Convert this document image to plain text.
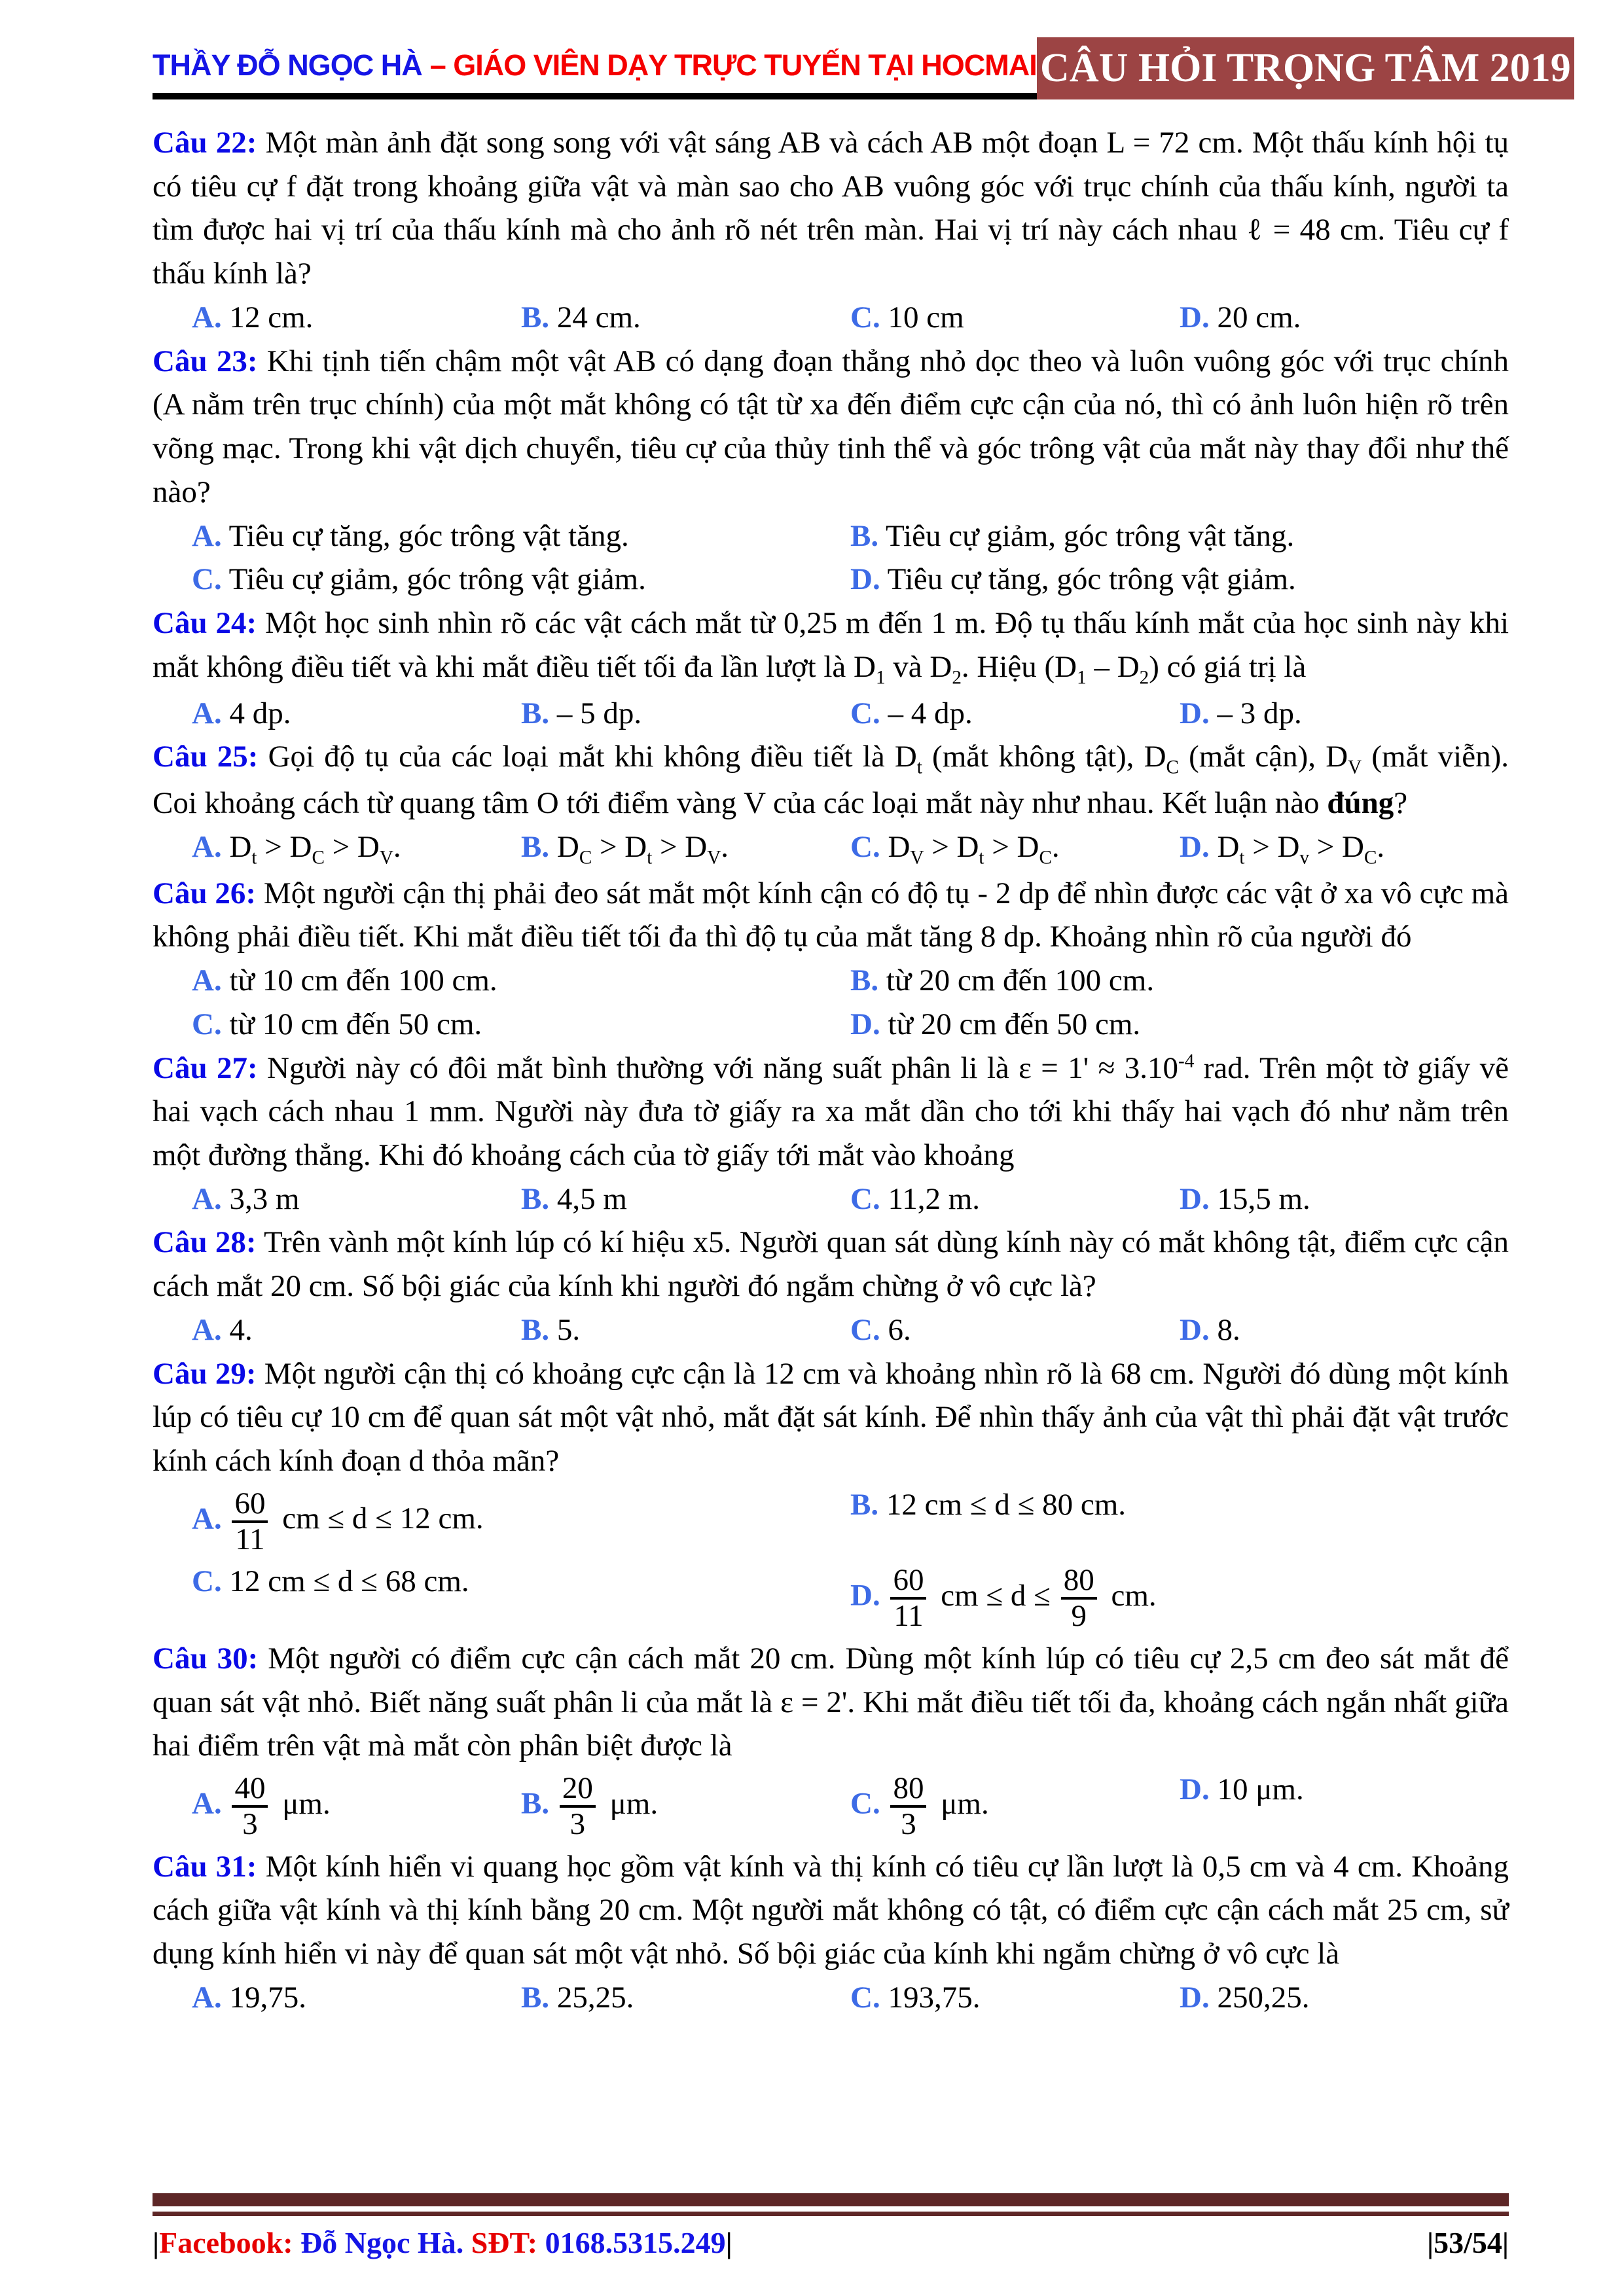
THẦY ĐỖ NGỌC HÀ – GIÁO VIÊN DẠY TRỰC TUYẾN TẠI HOCMAI CÂU HỎI TRỌNG TÂM 2019

Câu 22: Một màn ảnh đặt song song với vật sáng AB và cách AB một đoạn L = 72 cm. Một thấu kính hội tụ có tiêu cự f đặt trong khoảng giữa vật và màn sao cho AB vuông góc với trục chính của thấu kính, người ta tìm được hai vị trí của thấu kính mà cho ảnh rõ nét trên màn. Hai vị trí này cách nhau ℓ = 48 cm. Tiêu cự f thấu kính là?

A. 12 cm.	B. 24 cm.	C. 10 cm	D. 20 cm.

Câu 23: Khi tịnh tiến chậm một vật AB có dạng đoạn thẳng nhỏ dọc theo và luôn vuông góc với trục chính (A nằm trên trục chính) của một mắt không có tật từ xa đến điểm cực cận của nó, thì có ảnh luôn hiện rõ trên võng mạc. Trong khi vật dịch chuyển, tiêu cự của thủy tinh thể và góc trông vật của mắt này thay đổi như thế nào?

A. Tiêu cự tăng, góc trông vật tăng.	B. Tiêu cự giảm, góc trông vật tăng.
C. Tiêu cự giảm, góc trông vật giảm.	D. Tiêu cự tăng, góc trông vật giảm.

Câu 24: Một học sinh nhìn rõ các vật cách mắt từ 0,25 m đến 1 m. Độ tụ thấu kính mắt của học sinh này khi mắt không điều tiết và khi mắt điều tiết tối đa lần lượt là $D_1$ và $D_2$. Hiệu $(D_1 - D_2)$ có giá trị là

A. 4 dp.	B. – 5 dp.	C. – 4 dp.	D. – 3 dp.

Câu 25: Gọi độ tụ của các loại mắt khi không điều tiết là $D_t$ (mắt không tật), $D_C$ (mắt cận), $D_V$ (mắt viễn). Coi khoảng cách từ quang tâm O tới điểm vàng V của các loại mắt này như nhau. Kết luận nào đúng?

A. $D_t > D_C > D_V$.	B. $D_C > D_t > D_V$.	C. $D_V > D_t > D_C$.	D. $D_t > D_v > D_C$.

Câu 26: Một người cận thị phải đeo sát mắt một kính cận có độ tụ - 2 dp để nhìn được các vật ở xa vô cực mà không phải điều tiết. Khi mắt điều tiết tối đa thì độ tụ của mắt tăng 8 dp. Khoảng nhìn rõ của người đó

A. từ 10 cm đến 100 cm.	B. từ 20 cm đến 100 cm.
C. từ 10 cm đến 50 cm.	D. từ 20 cm đến 50 cm.

Câu 27: Người này có đôi mắt bình thường với năng suất phân li là $\varepsilon = 1' \approx 3.10^{-4}$ rad. Trên một tờ giấy vẽ hai vạch cách nhau 1 mm. Người này đưa tờ giấy ra xa mắt dần cho tới khi thấy hai vạch đó như nằm trên một đường thẳng. Khi đó khoảng cách của tờ giấy tới mắt vào khoảng

A. 3,3 m	B. 4,5 m	C. 11,2 m.	D. 15,5 m.

Câu 28: Trên vành một kính lúp có kí hiệu x5. Người quan sát dùng kính này có mắt không tật, điểm cực cận cách mắt 20 cm. Số bội giác của kính khi người đó ngắm chừng ở vô cực là?

A. 4.	B. 5.	C. 6.	D. 8.

Câu 29: Một người cận thị có khoảng cực cận là 12 cm và khoảng nhìn rõ là 68 cm. Người đó dùng một kính lúp có tiêu cự 10 cm để quan sát một vật nhỏ, mắt đặt sát kính. Để nhìn thấy ảnh của vật thì phải đặt vật trước kính cách kính đoạn d thỏa mãn?

A. $\frac{60}{11}$ cm ≤ d ≤ 12 cm.	B. 12 cm ≤ d ≤ 80 cm.
C. 12 cm ≤ d ≤ 68 cm.	D. $\frac{60}{11}$ cm ≤ $d \le \frac{80}{9}$ cm.

Câu 30: Một người có điểm cực cận cách mắt 20 cm. Dùng một kính lúp có tiêu cự 2,5 cm đeo sát mắt để quan sát vật nhỏ. Biết năng suất phân li của mắt là ε = 2'. Khi mắt điều tiết tối đa, khoảng cách ngắn nhất giữa hai điểm trên vật mà mắt còn phân biệt được là

A. $\frac{40}{3} \mu m$.	B. $\frac{20}{3} \mu m$.	C. $\frac{80}{3} \mu m$.	D. 10 μm.

Câu 31: Một kính hiển vi quang học gồm vật kính và thị kính có tiêu cự lần lượt là 0,5 cm và 4 cm. Khoảng cách giữa vật kính và thị kính bằng 20 cm. Một người mắt không có tật, có điểm cực cận cách mắt 25 cm, sử dụng kính hiển vi này để quan sát một vật nhỏ. Số bội giác của kính khi ngắm chừng ở vô cực là

A. 19,75.	B. 25,25.	C. 193,75.	D. 250,25.
|Facebook: Đỗ Ngọc Hà. SĐT: 0168.5315.249|	|53/54|
